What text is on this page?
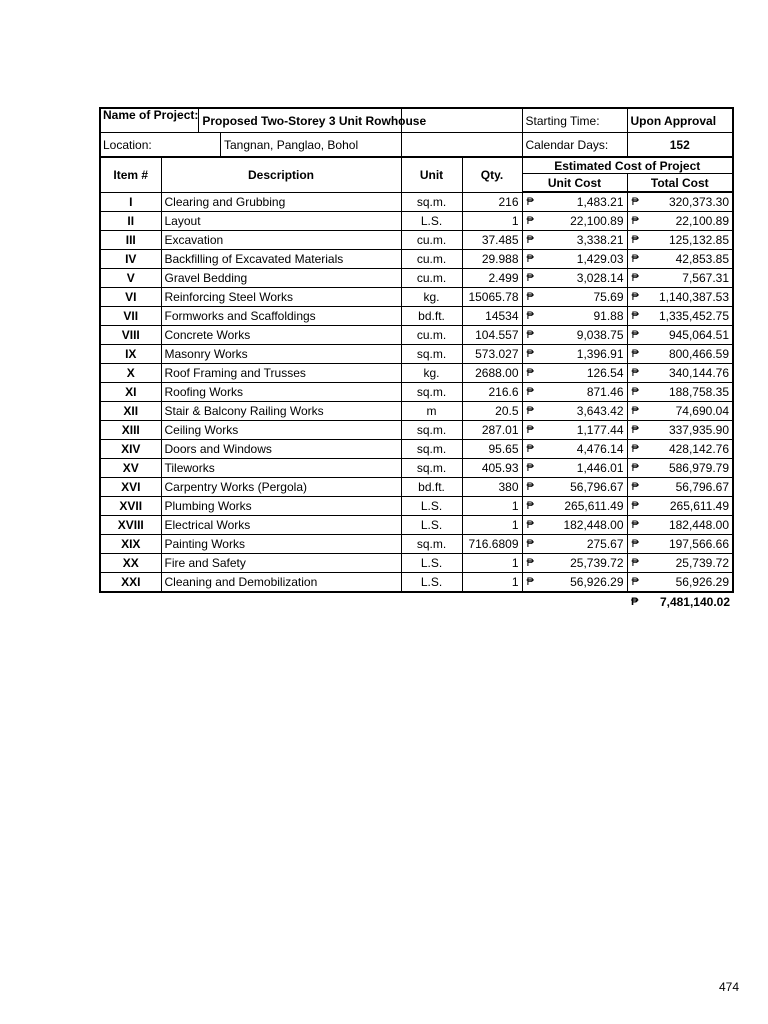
Name of Project: Proposed Two-Storey 3 Unit Rowhouse				Starting Time:	Upon Approval

Location: Tangnan, Panglao, Bohol				Calendar Days:	152
Item #	Description	Unit	Qty.	Estimated Cost of Project	
				Unit Cost	Total Cost
I	Clearing and Grubbing	sq.m.	216	₱ 1,483.21	₱ 320,373.30

II	Layout	L.S.	1	₱ 22,100.89	₱ 22,100.89

III	Excavation	cu.m.	37.485	₱ 3,338.21	₱ 125,132.85

IV	Backfilling of Excavated Materials	cu.m.	29.988	₱ 1,429.03	₱ 42,853.85

V	Gravel Bedding	cu.m.	2.499	₱ 3,028.14	₱ 7,567.31

VI	Reinforcing Steel Works	kg.	15065.78	₱ 75.69	₱ 1,140,387.53

VII	Formworks and Scaffoldings	bd.ft.	14534	₱ 91.88	₱ 1,335,452.75

VIII	Concrete Works	cu.m.	104.557	₱ 9,038.75	₱ 945,064.51

IX	Masonry Works	sq.m.	573.027	₱ 1,396.91	₱ 800,466.59

X	Roof Framing and Trusses	kg.	2688.00	₱ 126.54	₱ 340,144.76

XI	Roofing Works	sq.m.	216.6	₱ 871.46	₱ 188,758.35

XII	Stair & Balcony Railing Works	m	20.5	₱ 3,643.42	₱ 74,690.04

XIII	Ceiling Works	sq.m.	287.01	₱ 1,177.44	₱ 337,935.90

XIV	Doors and Windows	sq.m.	95.65	₱ 4,476.14	₱ 428,142.76

XV	Tileworks	sq.m.	405.93	₱ 1,446.01	₱ 586,979.79

XVI	Carpentry Works (Pergola)	bd.ft.	380	₱ 56,796.67	₱ 56,796.67

XVII	Plumbing Works	L.S.	1	₱ 265,611.49	₱ 265,611.49

XVIII	Electrical Works	L.S.	1	₱ 182,448.00	₱ 182,448.00

XIX	Painting Works	sq.m.	716.6809	₱ 275.67	₱ 197,566.66

XX	Fire and Safety	L.S.	1	₱ 25,739.72	₱ 25,739.72

XXI	Cleaning and Demobilization	L.S.	1	₱ 56,926.29	₱ 56,926.29

					₱ 7,481,140.02
474
